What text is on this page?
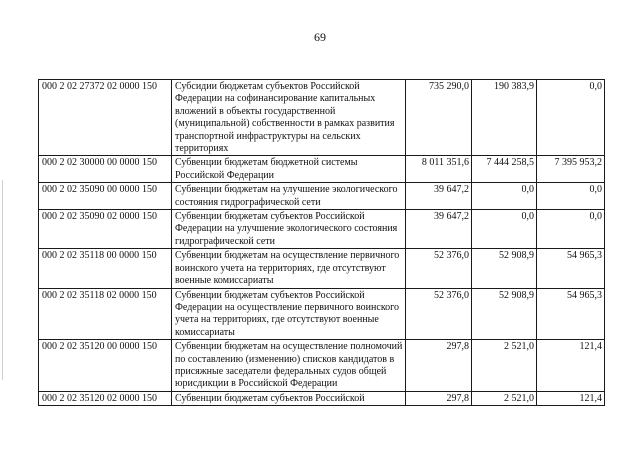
69
000 2 02 27372 02 0000 150	Субсидии бюджетам субъектов Российской Федерации на софинансирование капитальных вложений в объекты государственной (муниципальной) собственности в рамках развития транспортной инфраструктуры на сельских территориях	735 290,0	190 383,9	0,0
000 2 02 30000 00 0000 150	Субвенции бюджетам бюджетной системы Российской Федерации	8 011 351,6	7 444 258,5	7 395 953,2
000 2 02 35090 00 0000 150	Субвенции бюджетам на улучшение экологического состояния гидрографической сети	39 647,2	0,0	0,0
000 2 02 35090 02 0000 150	Субвенции бюджетам субъектов Российской Федерации на улучшение экологического состояния гидрографической сети	39 647,2	0,0	0,0
000 2 02 35118 00 0000 150	Субвенции бюджетам на осуществление первичного воинского учета на территориях, где отсутствуют военные комиссариаты	52 376,0	52 908,9	54 965,3
000 2 02 35118 02 0000 150	Субвенции бюджетам субъектов Российской Федерации на осуществление первичного воинского учета на территориях, где отсутствуют военные комиссариаты	52 376,0	52 908,9	54 965,3
000 2 02 35120 00 0000 150	Субвенции бюджетам на осуществление полномочий по составлению (изменению) списков кандидатов в присяжные заседатели федеральных судов общей юрисдикции в Российской Федерации	297,8	2 521,0	121,4
000 2 02 35120 02 0000 150	Субвенции бюджетам субъектов Российской	297,8	2 521,0	121,4
